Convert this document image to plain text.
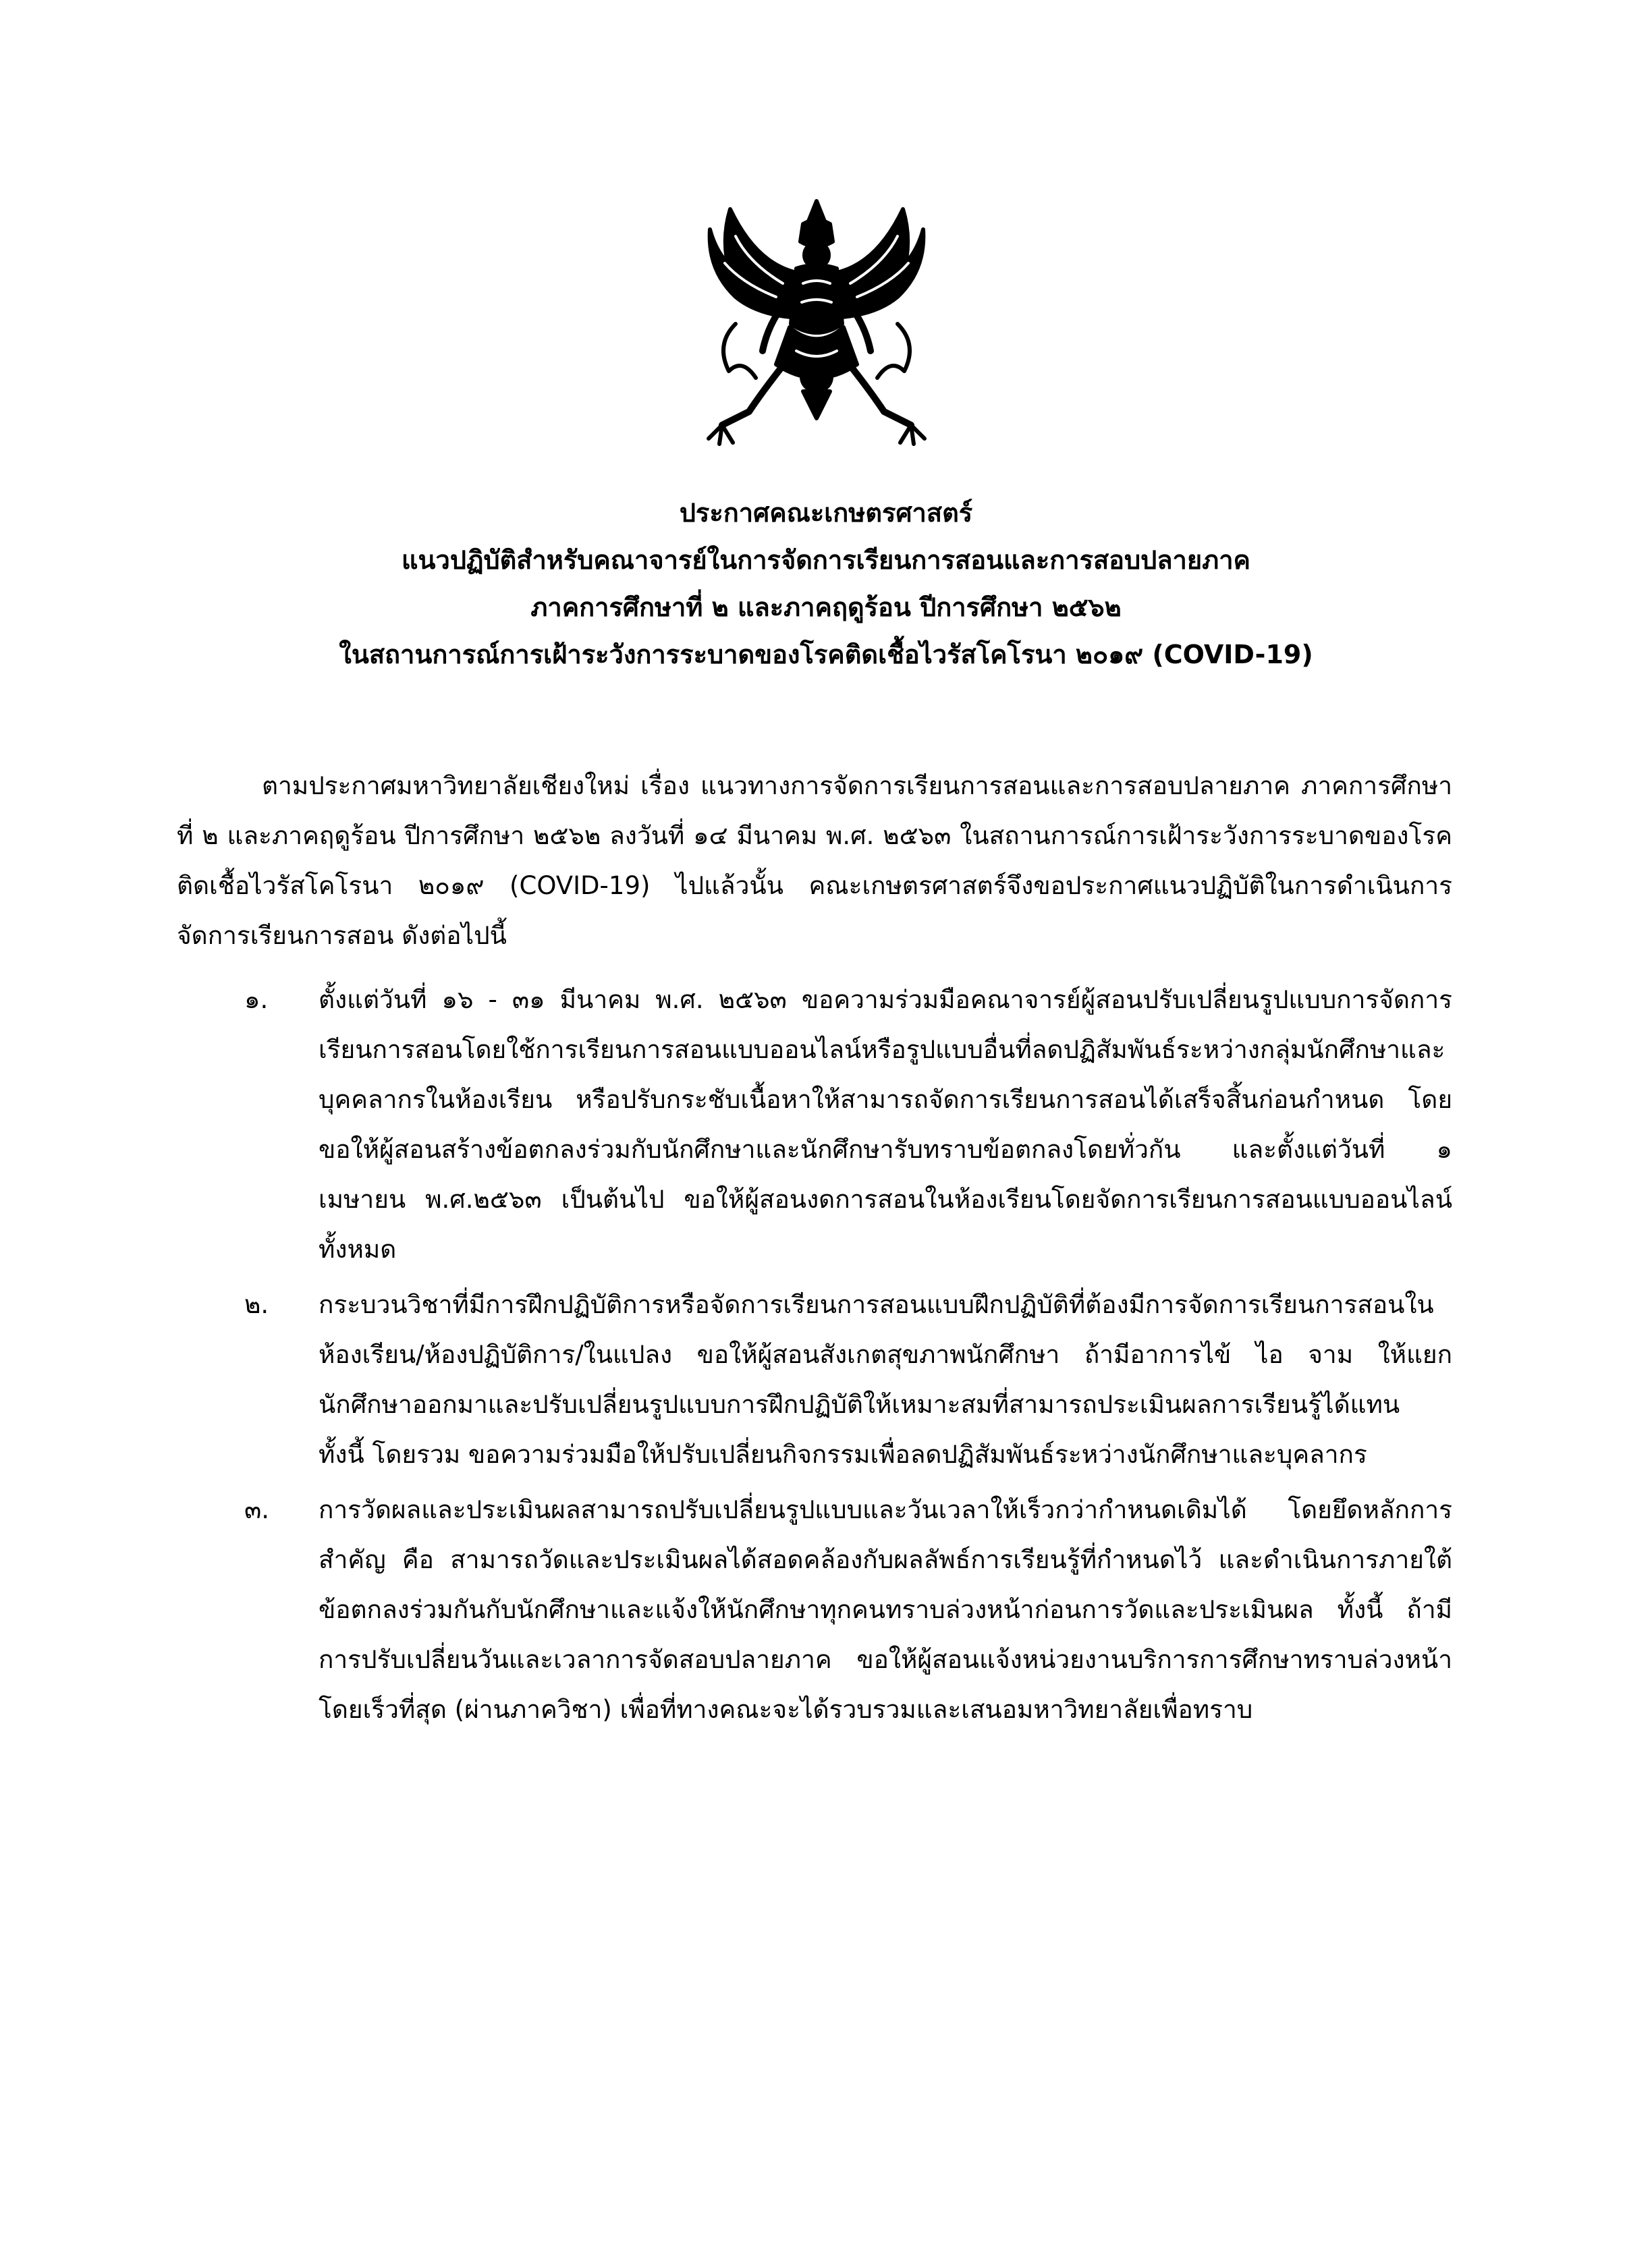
ประกาศคณะเกษตรศาสตร์
แนวปฏิบัติสำหรับคณาจารย์ในการจัดการเรียนการสอนและการสอบปลายภาค
ภาคการศึกษาที่ ๒ และภาคฤดูร้อน ปีการศึกษา ๒๕๖๒
ในสถานการณ์การเฝ้าระวังการระบาดของโรคติดเชื้อไวรัสโคโรนา ๒๐๑๙ (COVID-19)

ตามประกาศมหาวิทยาลัยเชียงใหม่ เรื่อง แนวทางการจัดการเรียนการสอนและการสอบปลายภาค ภาคการศึกษาที่ ๒ และภาคฤดูร้อน ปีการศึกษา ๒๕๖๒ ลงวันที่ ๑๔ มีนาคม พ.ศ. ๒๕๖๓ ในสถานการณ์การเฝ้าระวังการระบาดของโรคติดเชื้อไวรัสโคโรนา ๒๐๑๙ (COVID-19) ไปแล้วนั้น คณะเกษตรศาสตร์จึงขอประกาศแนวปฏิบัติในการดำเนินการจัดการเรียนการสอน ดังต่อไปนี้

๑.	ตั้งแต่วันที่ ๑๖ - ๓๑ มีนาคม พ.ศ. ๒๕๖๓ ขอความร่วมมือคณาจารย์ผู้สอนปรับเปลี่ยนรูปแบบการจัดการเรียนการสอนโดยใช้การเรียนการสอนแบบออนไลน์หรือรูปแบบอื่นที่ลดปฏิสัมพันธ์ระหว่างกลุ่มนักศึกษาและบุคคลากรในห้องเรียน หรือปรับกระชับเนื้อหาให้สามารถจัดการเรียนการสอนได้เสร็จสิ้นก่อนกำหนด โดยขอให้ผู้สอนสร้างข้อตกลงร่วมกับนักศึกษาและนักศึกษารับทราบข้อตกลงโดยทั่วกัน และตั้งแต่วันที่ ๑ เมษายน พ.ศ.๒๕๖๓ เป็นต้นไป ขอให้ผู้สอนงดการสอนในห้องเรียนโดยจัดการเรียนการสอนแบบออนไลน์ทั้งหมด
๒.	กระบวนวิชาที่มีการฝึกปฏิบัติการหรือจัดการเรียนการสอนแบบฝึกปฏิบัติที่ต้องมีการจัดการเรียนการสอนในห้องเรียน/ห้องปฏิบัติการ/ในแปลง ขอให้ผู้สอนสังเกตสุขภาพนักศึกษา ถ้ามีอาการไข้ ไอ จาม ให้แยกนักศึกษาออกมาและปรับเปลี่ยนรูปแบบการฝึกปฏิบัติให้เหมาะสมที่สามารถประเมินผลการเรียนรู้ได้แทน ทั้งนี้ โดยรวม ขอความร่วมมือให้ปรับเปลี่ยนกิจกรรมเพื่อลดปฏิสัมพันธ์ระหว่างนักศึกษาและบุคลากร
๓.	การวัดผลและประเมินผลสามารถปรับเปลี่ยนรูปแบบและวันเวลาให้เร็วกว่ากำหนดเดิมได้ โดยยึดหลักการสำคัญ คือ สามารถวัดและประเมินผลได้สอดคล้องกับผลลัพธ์การเรียนรู้ที่กำหนดไว้ และดำเนินการภายใต้ข้อตกลงร่วมกันกับนักศึกษาและแจ้งให้นักศึกษาทุกคนทราบล่วงหน้าก่อนการวัดและประเมินผล ทั้งนี้ ถ้ามีการปรับเปลี่ยนวันและเวลาการจัดสอบปลายภาค ขอให้ผู้สอนแจ้งหน่วยงานบริการการศึกษาทราบล่วงหน้าโดยเร็วที่สุด (ผ่านภาควิชา) เพื่อที่ทางคณะจะได้รวบรวมและเสนอมหาวิทยาลัยเพื่อทราบ
